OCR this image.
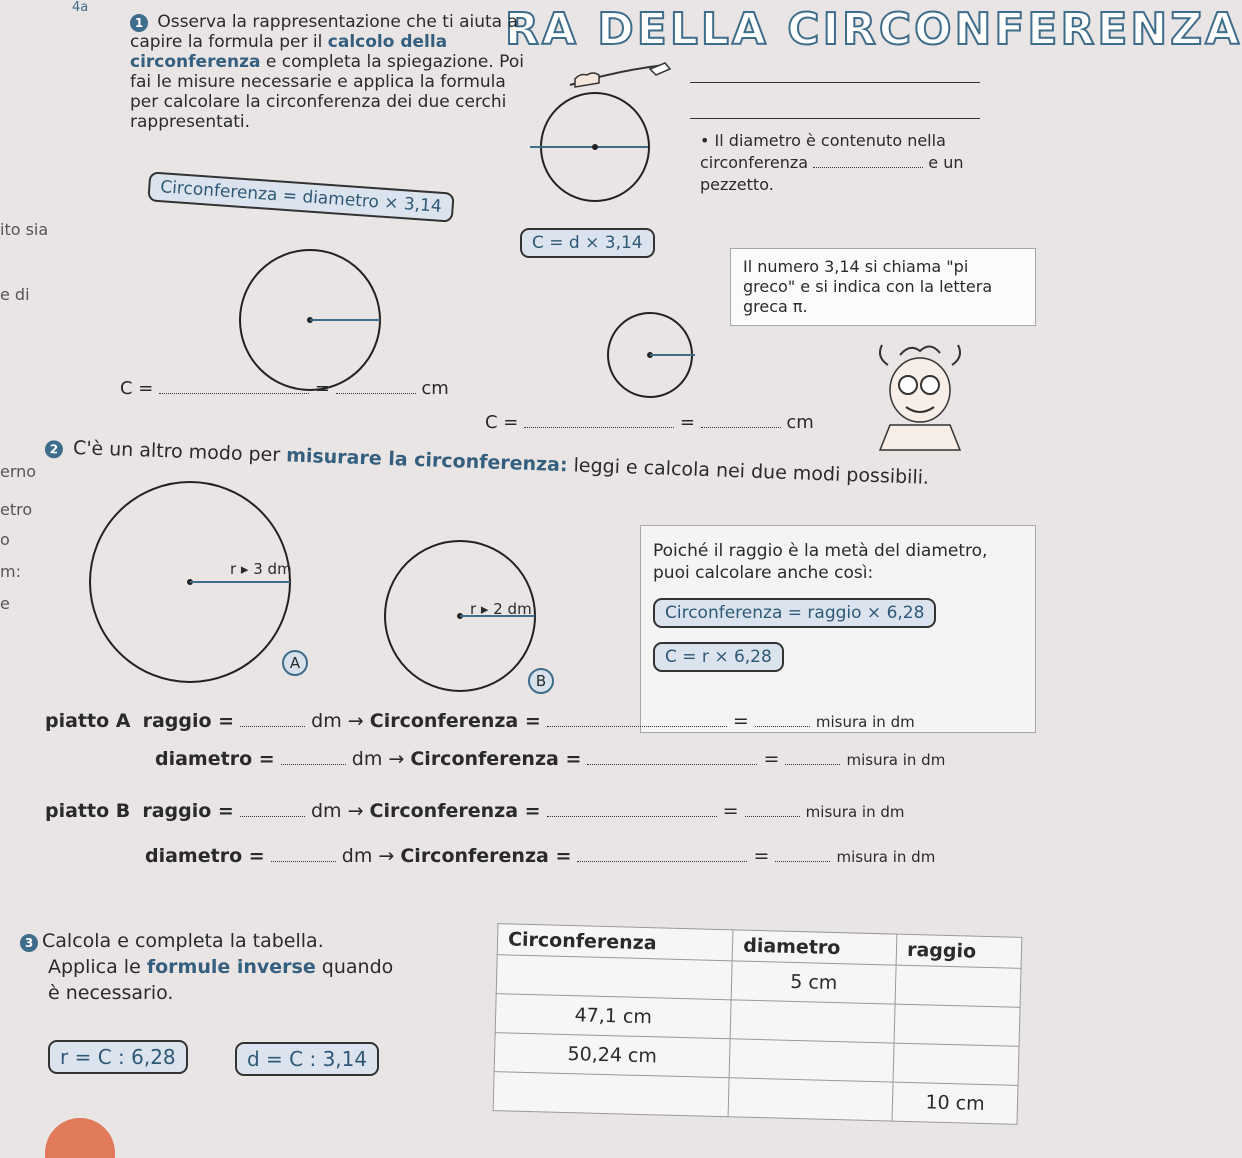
4a	RA DELLA CIRCONFERENZA
ito sia
e di
erno
etro
o
m:
e
1 Osserva la rappresentazione che ti aiuta a capire la formula per il calcolo della circonferenza e completa la spiegazione. Poi fai le misure necessarie e applica la formula per calcolare la circonferenza dei due cerchi rappresentati.
• Il diametro è contenuto nella circonferenza	e un pezzetto.
Circonferenza = diametro × 3,14
C = d × 3,14
Il numero 3,14 si chiama "pi greco" e si indica con la lettera greca π.
C =	=	cm
C =	=	cm
2 C'è un altro modo per misurare la circonferenza: leggi e calcola nei due modi possibili.
r ▸ 3 dm
A
r ▸ 2 dm
B
Poiché il raggio è la metà del diametro, puoi calcolare anche così:
Circonferenza = raggio × 6,28 C = r × 6,28
piatto A raggio =	dm → Circonferenza =	=	misura in dm
diametro =	dm → Circonferenza =	=	misura in dm
piatto B raggio =	dm → Circonferenza =	=	misura in dm
diametro =	dm → Circonferenza =	=	misura in dm
3 Calcola e completa la tabella.
Applica le formule inverse quando
è necessario.
r = C : 6,28	d = C : 3,14
Circonferenza	diametro	raggio
	5 cm	
47,1 cm		
50,24 cm		
		10 cm
